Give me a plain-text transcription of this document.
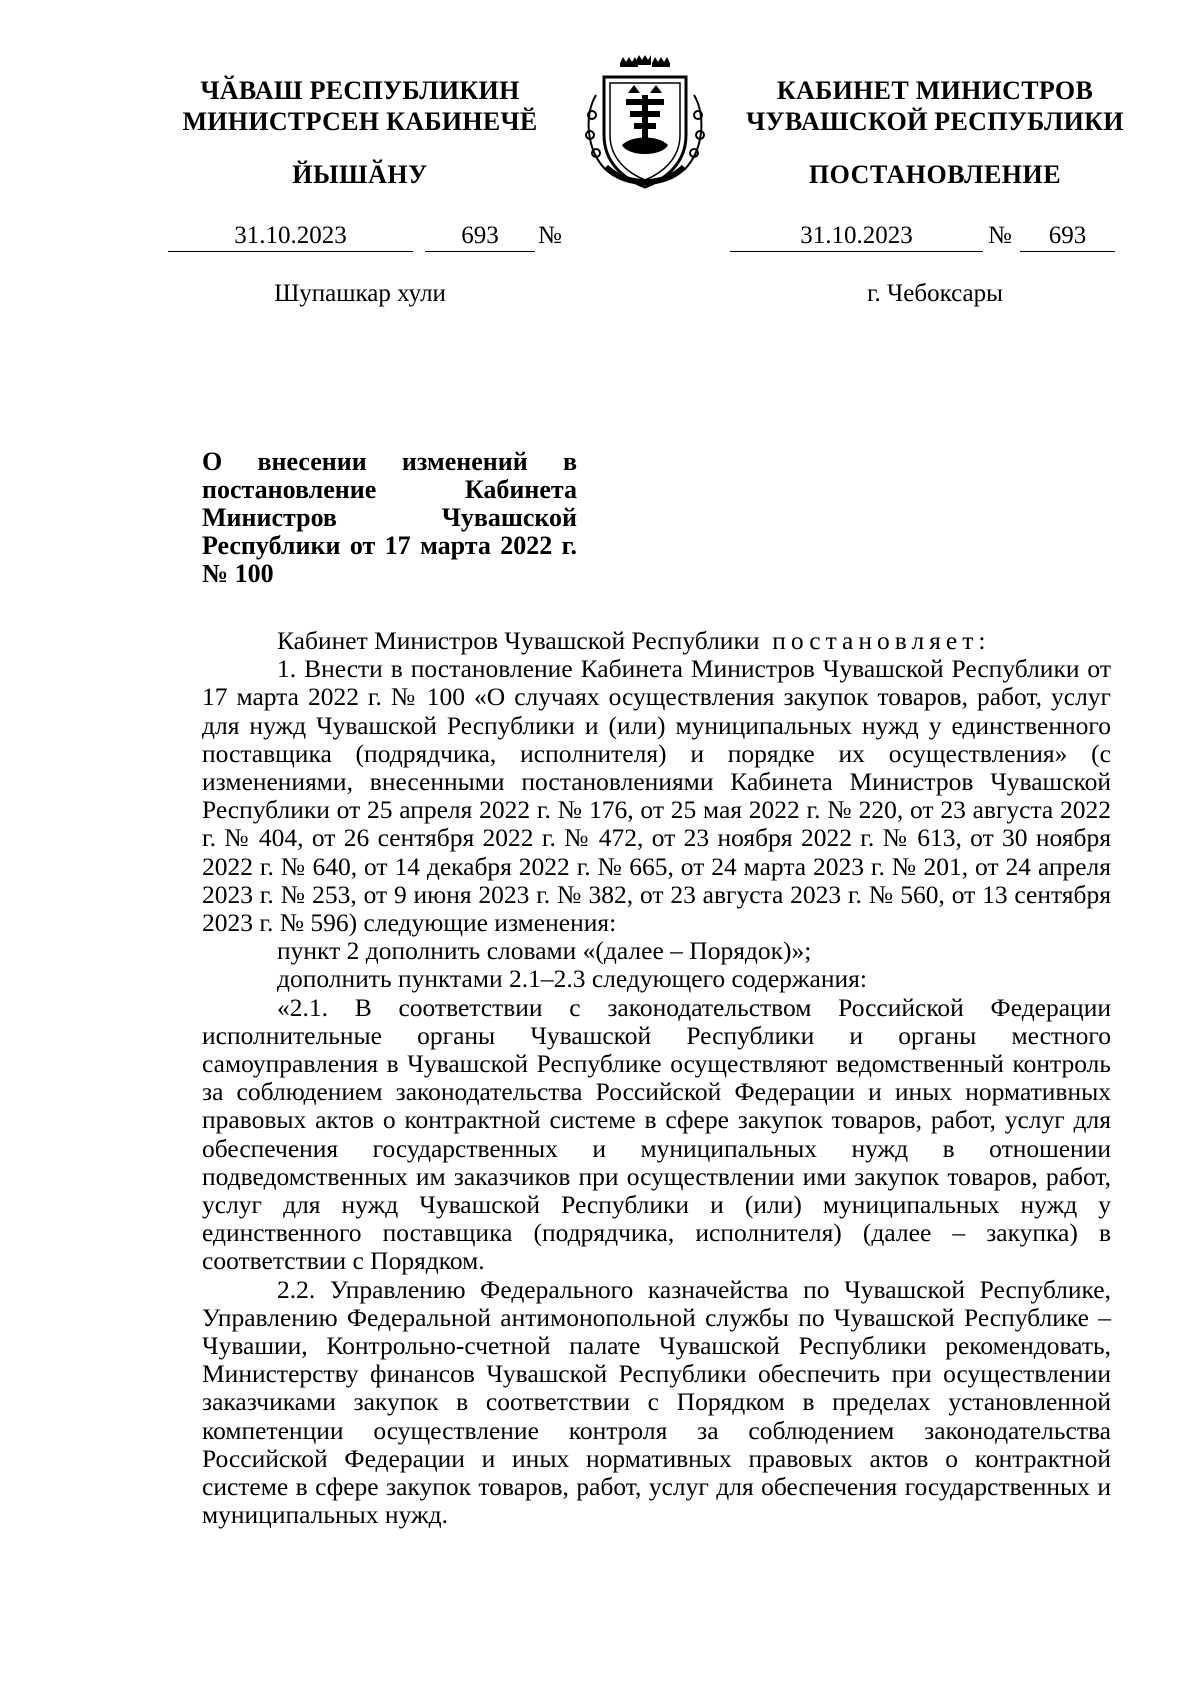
ЧӐВАШ РЕСПУБЛИКИН
МИНИСТРСЕН КАБИНЕЧӖ
КАБИНЕТ МИНИСТРОВ
ЧУВАШСКОЙ РЕСПУБЛИКИ
ЙЫШӐНУ	ПОСТАНОВЛЕНИЕ
31.10.2023	693	№	31.10.2023	№	693
Шупашкар хули	г. Чебоксары
О внесении изменений в постановление Кабинета Министров Чувашской Республики от 17 марта 2022 г. № 100

Кабинет Министров Чувашской Республики постановляет:

1. Внести в постановление Кабинета Министров Чувашской Республики от 17 марта 2022 г. № 100 «О случаях осуществления закупок товаров, работ, услуг для нужд Чувашской Республики и (или) муниципальных нужд у единственного поставщика (подрядчика, исполнителя) и порядке их осуществления» (с изменениями, внесенными постановлениями Кабинета Министров Чувашской Республики от 25 апреля 2022 г. № 176, от 25 мая 2022 г. № 220, от 23 августа 2022 г. № 404, от 26 сентября 2022 г. № 472, от 23 ноября 2022 г. № 613, от 30 ноября 2022 г. № 640, от 14 декабря 2022 г. № 665, от 24 марта 2023 г. № 201, от 24 апреля 2023 г. № 253, от 9 июня 2023 г. № 382, от 23 августа 2023 г. № 560, от 13 сентября 2023 г. № 596) следующие изменения:

пункт 2 дополнить словами «(далее – Порядок)»;

дополнить пунктами 2.1–2.3 следующего содержания:

«2.1. В соответствии с законодательством Российской Федерации исполнительные органы Чувашской Республики и органы местного самоуправления в Чувашской Республике осуществляют ведомственный контроль за соблюдением законодательства Российской Федерации и иных нормативных правовых актов о контрактной системе в сфере закупок товаров, работ, услуг для обеспечения государственных и муниципальных нужд в отношении подведомственных им заказчиков при осуществлении ими закупок товаров, работ, услуг для нужд Чувашской Республики и (или) муниципальных нужд у единственного поставщика (подрядчика, исполнителя) (далее – закупка) в соответствии с Порядком.

2.2. Управлению Федерального казначейства по Чувашской Республике, Управлению Федеральной антимонопольной службы по Чувашской Республике – Чувашии, Контрольно-счетной палате Чувашской Республики рекомендовать, Министерству финансов Чувашской Республики обеспечить при осуществлении заказчиками закупок в соответствии с Порядком в пределах установленной компетенции осуществление контроля за соблюдением законодательства Российской Федерации и иных нормативных правовых актов о контрактной системе в сфере закупок товаров, работ, услуг для обеспечения государственных и муниципальных нужд.
